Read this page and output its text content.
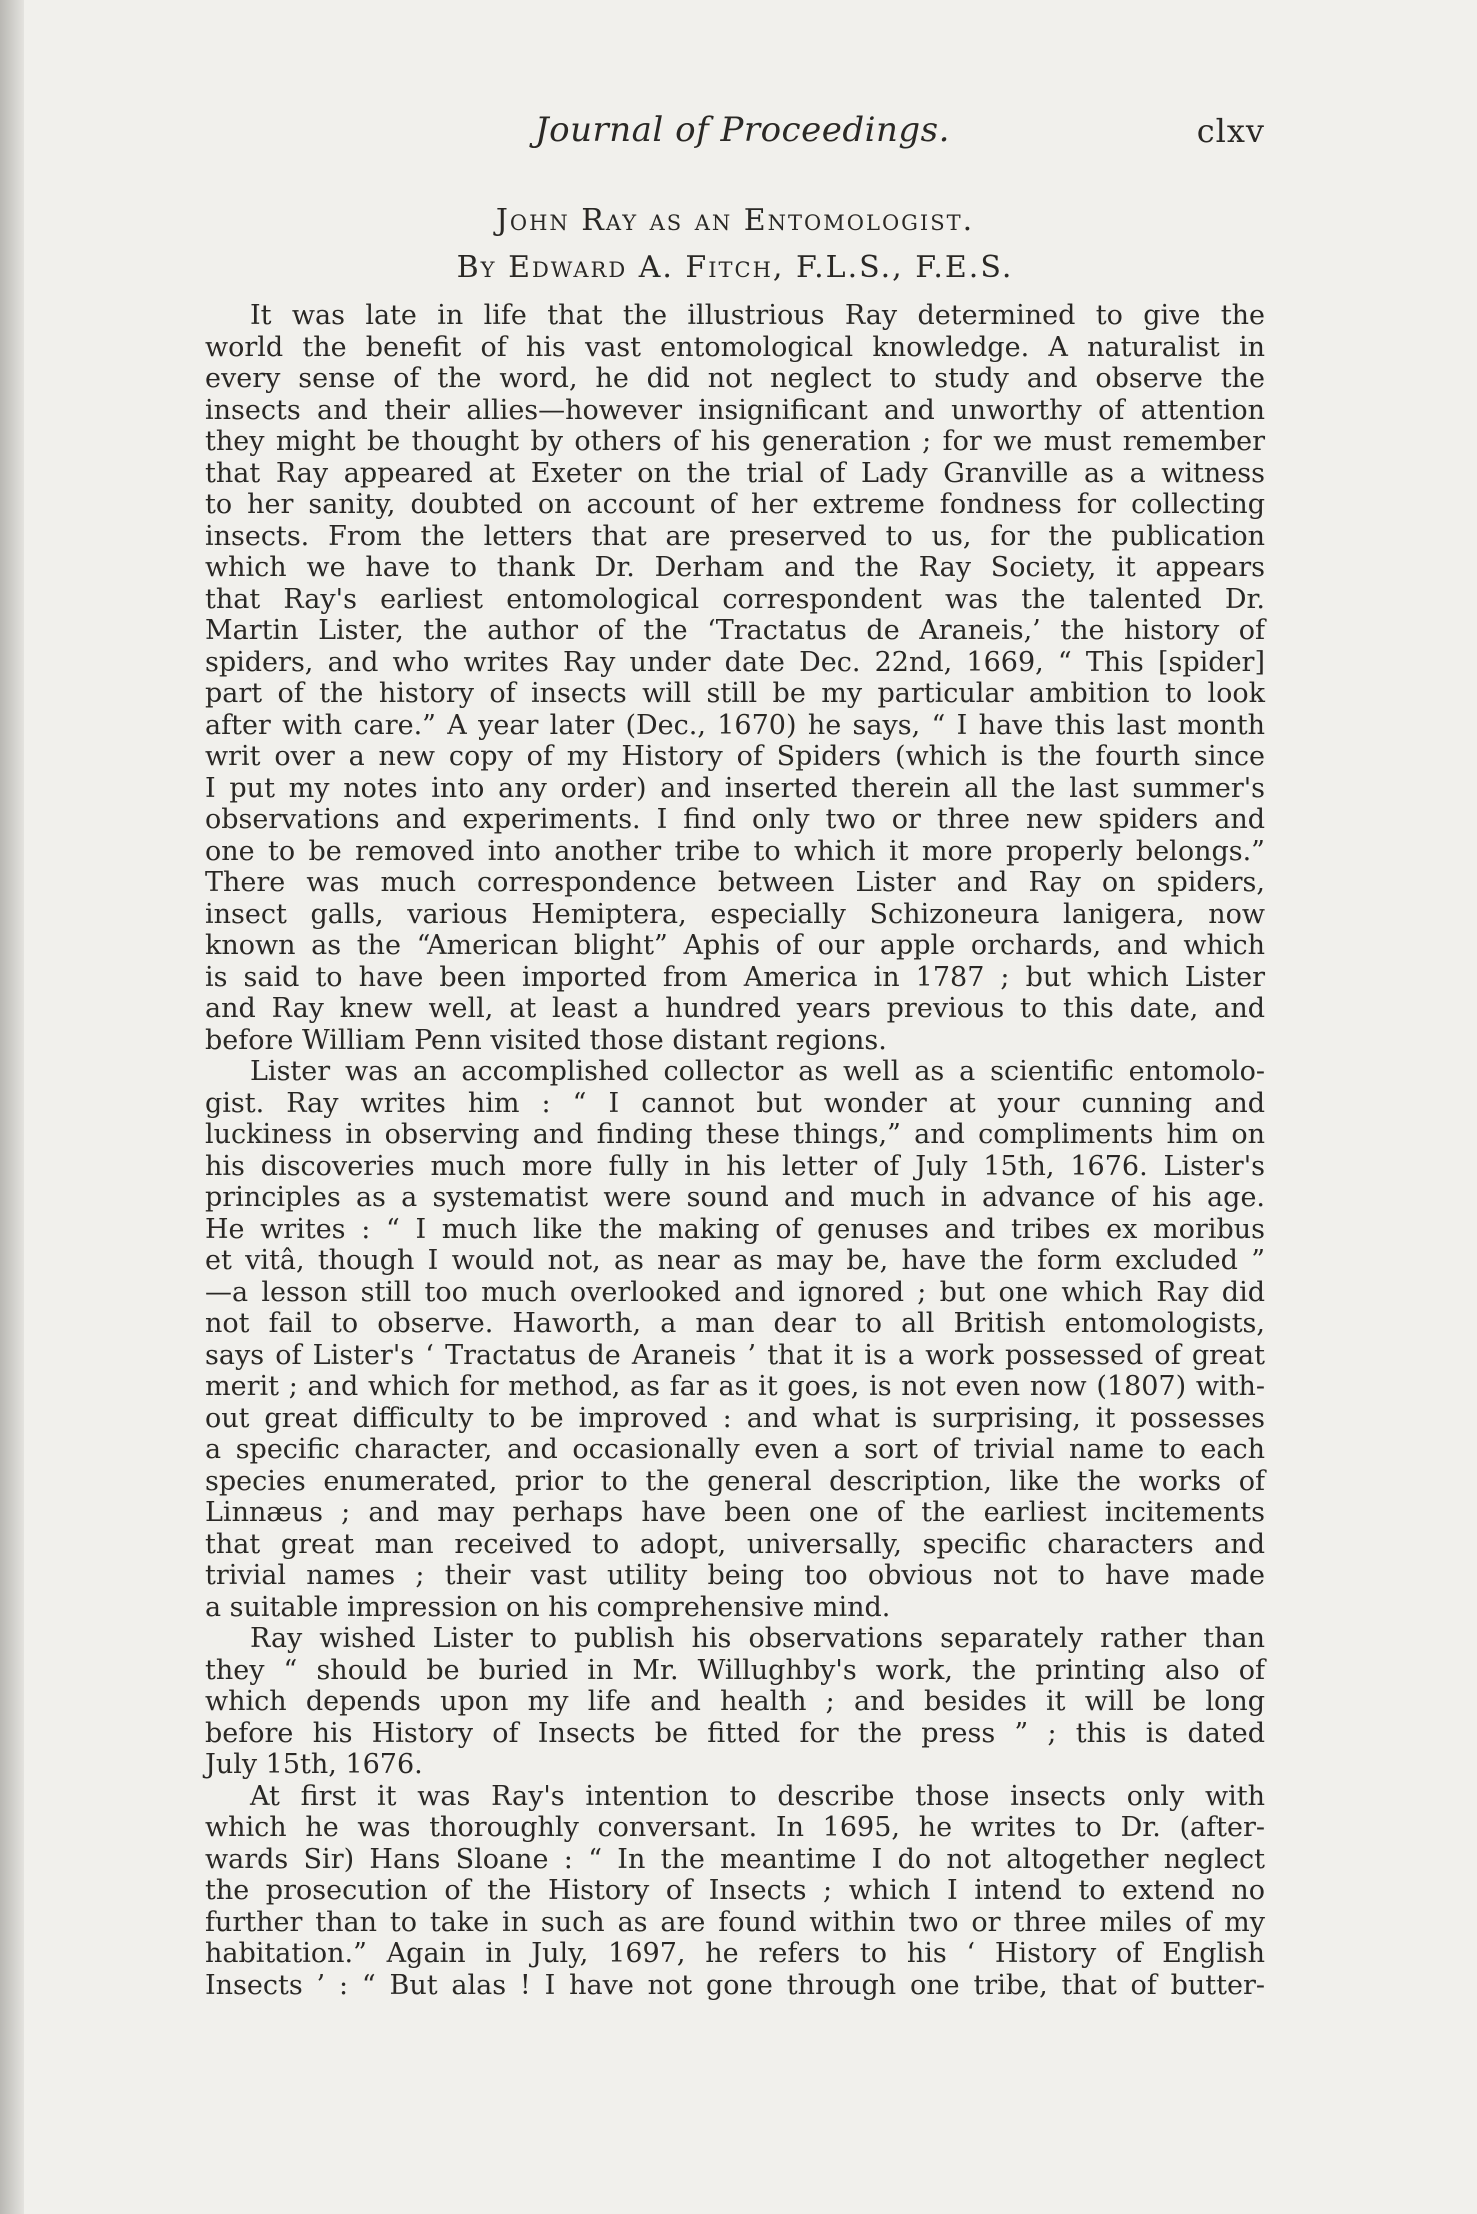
Journal of Proceedings.	clxv
John Ray as an Entomologist.
By Edward A. Fitch, F.L.S., F.E.S.
It was late in life that the illustrious Ray determined to give the
world the benefit of his vast entomological knowledge. A naturalist in
every sense of the word, he did not neglect to study and observe the
insects and their allies—however insignificant and unworthy of attention
they might be thought by others of his generation ; for we must remember
that Ray appeared at Exeter on the trial of Lady Granville as a witness
to her sanity, doubted on account of her extreme fondness for collecting
insects. From the letters that are preserved to us, for the publication
which we have to thank Dr. Derham and the Ray Society, it appears
that Ray's earliest entomological correspondent was the talented Dr.
Martin Lister, the author of the ‘Tractatus de Araneis,’ the history of
spiders, and who writes Ray under date Dec. 22nd, 1669, “ This [spider]
part of the history of insects will still be my particular ambition to look
after with care.” A year later (Dec., 1670) he says, “ I have this last month
writ over a new copy of my History of Spiders (which is the fourth since
I put my notes into any order) and inserted therein all the last summer's
observations and experiments. I find only two or three new spiders and
one to be removed into another tribe to which it more properly belongs.”
There was much correspondence between Lister and Ray on spiders,
insect galls, various Hemiptera, especially Schizoneura lanigera, now
known as the “American blight” Aphis of our apple orchards, and which
is said to have been imported from America in 1787 ; but which Lister
and Ray knew well, at least a hundred years previous to this date, and
before William Penn visited those distant regions.
Lister was an accomplished collector as well as a scientific entomolo-
gist. Ray writes him : “ I cannot but wonder at your cunning and
luckiness in observing and finding these things,” and compliments him on
his discoveries much more fully in his letter of July 15th, 1676. Lister's
principles as a systematist were sound and much in advance of his age.
He writes : “ I much like the making of genuses and tribes ex moribus
et vitâ, though I would not, as near as may be, have the form excluded ”
—a lesson still too much overlooked and ignored ; but one which Ray did
not fail to observe. Haworth, a man dear to all British entomologists,
says of Lister's ‘ Tractatus de Araneis ’ that it is a work possessed of great
merit ; and which for method, as far as it goes, is not even now (1807) with-
out great difficulty to be improved : and what is surprising, it possesses
a specific character, and occasionally even a sort of trivial name to each
species enumerated, prior to the general description, like the works of
Linnæus ; and may perhaps have been one of the earliest incitements
that great man received to adopt, universally, specific characters and
trivial names ; their vast utility being too obvious not to have made
a suitable impression on his comprehensive mind.
Ray wished Lister to publish his observations separately rather than
they “ should be buried in Mr. Willughby's work, the printing also of
which depends upon my life and health ; and besides it will be long
before his History of Insects be fitted for the press ” ; this is dated
July 15th, 1676.
At first it was Ray's intention to describe those insects only with
which he was thoroughly conversant. In 1695, he writes to Dr. (after-
wards Sir) Hans Sloane : “ In the meantime I do not altogether neglect
the prosecution of the History of Insects ; which I intend to extend no
further than to take in such as are found within two or three miles of my
habitation.” Again in July, 1697, he refers to his ‘ History of English
Insects ’ : “ But alas ! I have not gone through one tribe, that of butter-
